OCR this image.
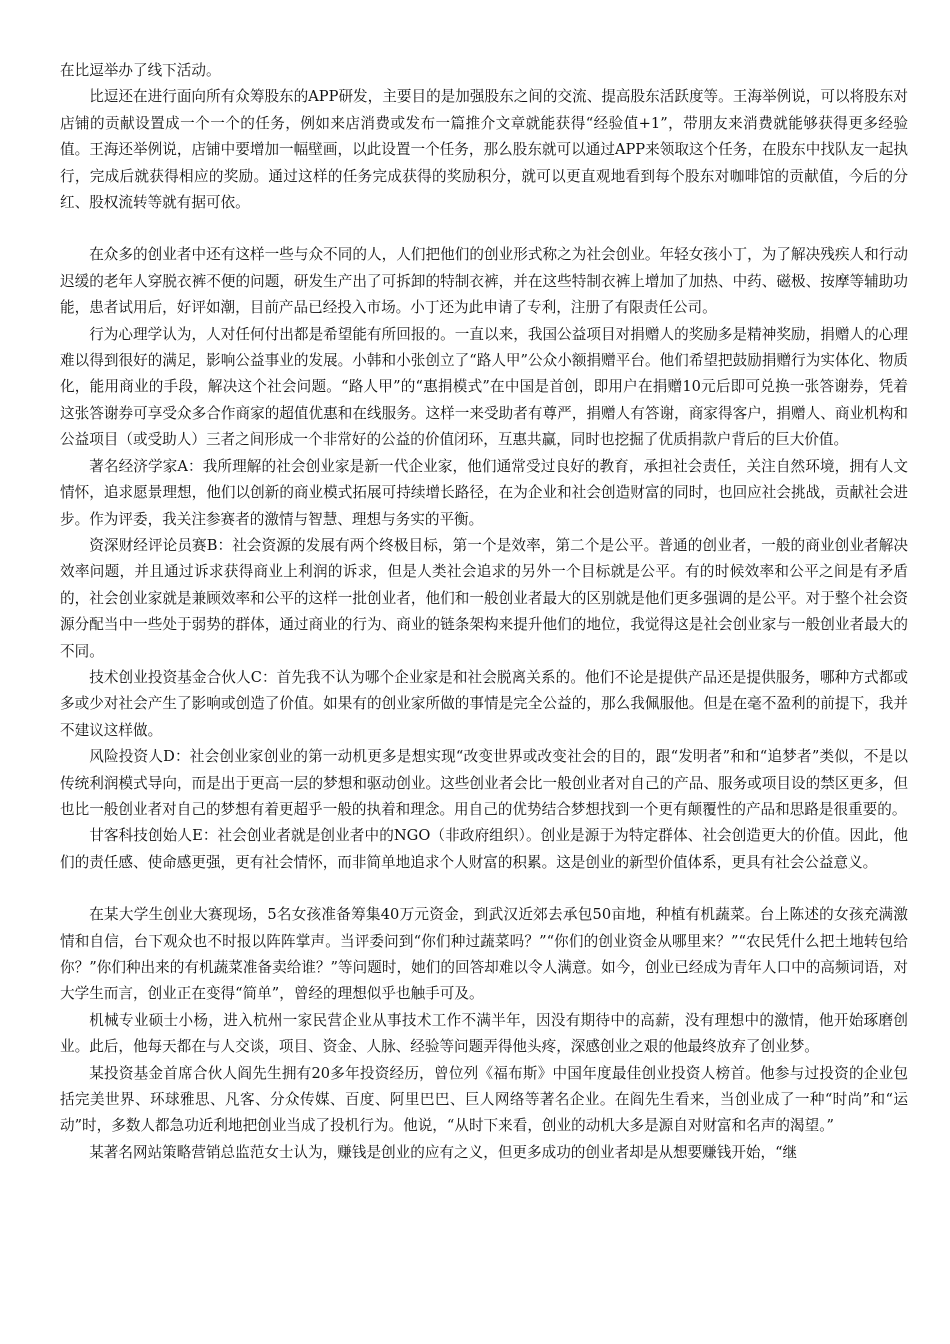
在比逗举办了线下活动。

比逗还在进行面向所有众筹股东的APP研发，主要目的是加强股东之间的交流、提高股东活跃度等。王海举例说，可以将股东对店铺的贡献设置成一个一个的任务，例如来店消费或发布一篇推介文章就能获得“经验值+1”，带朋友来消费就能够获得更多经验值。王海还举例说，店铺中要增加一幅壁画，以此设置一个任务，那么股东就可以通过APP来领取这个任务，在股东中找队友一起执行，完成后就获得相应的奖励。通过这样的任务完成获得的奖励积分，就可以更直观地看到每个股东对咖啡馆的贡献值，今后的分红、股权流转等就有据可依。

在众多的创业者中还有这样一些与众不同的人，人们把他们的创业形式称之为社会创业。年轻女孩小丁，为了解决残疾人和行动迟缓的老年人穿脱衣裤不便的问题，研发生产出了可拆卸的特制衣裤，并在这些特制衣裤上增加了加热、中药、磁极、按摩等辅助功能，患者试用后，好评如潮，目前产品已经投入市场。小丁还为此申请了专利，注册了有限责任公司。

行为心理学认为，人对任何付出都是希望能有所回报的。一直以来，我国公益项目对捐赠人的奖励多是精神奖励，捐赠人的心理难以得到很好的满足，影响公益事业的发展。小韩和小张创立了“路人甲”公众小额捐赠平台。他们希望把鼓励捐赠行为实体化、物质化，能用商业的手段，解决这个社会问题。“路人甲”的“惠捐模式”在中国是首创，即用户在捐赠10元后即可兑换一张答谢券，凭着这张答谢券可享受众多合作商家的超值优惠和在线服务。这样一来受助者有尊严，捐赠人有答谢，商家得客户，捐赠人、商业机构和公益项目（或受助人）三者之间形成一个非常好的公益的价值闭环，互惠共赢，同时也挖掘了优质捐款户背后的巨大价值。

著名经济学家A：我所理解的社会创业家是新一代企业家，他们通常受过良好的教育，承担社会责任，关注自然环境，拥有人文情怀，追求愿景理想，他们以创新的商业模式拓展可持续增长路径，在为企业和社会创造财富的同时，也回应社会挑战，贡献社会进步。作为评委，我关注参赛者的激情与智慧、理想与务实的平衡。

资深财经评论员赛B：社会资源的发展有两个终极目标，第一个是效率，第二个是公平。普通的创业者，一般的商业创业者解决效率问题，并且通过诉求获得商业上利润的诉求，但是人类社会追求的另外一个目标就是公平。有的时候效率和公平之间是有矛盾的，社会创业家就是兼顾效率和公平的这样一批创业者，他们和一般创业者最大的区别就是他们更多强调的是公平。对于整个社会资源分配当中一些处于弱势的群体，通过商业的行为、商业的链条架构来提升他们的地位，我觉得这是社会创业家与一般创业者最大的不同。

技术创业投资基金合伙人C：首先我不认为哪个企业家是和社会脱离关系的。他们不论是提供产品还是提供服务，哪种方式都或多或少对社会产生了影响或创造了价值。如果有的创业家所做的事情是完全公益的，那么我佩服他。但是在毫不盈利的前提下，我并不建议这样做。

风险投资人D：社会创业家创业的第一动机更多是想实现“改变世界或改变社会的目的，跟“发明者”和和“追梦者”类似，不是以传统利润模式导向，而是出于更高一层的梦想和驱动创业。这些创业者会比一般创业者对自己的产品、服务或项目设的禁区更多，但也比一般创业者对自己的梦想有着更超乎一般的执着和理念。用自己的优势结合梦想找到一个更有颠覆性的产品和思路是很重要的。

甘客科技创始人E：社会创业者就是创业者中的NGO（非政府组织）。创业是源于为特定群体、社会创造更大的价值。因此，他们的责任感、使命感更强，更有社会情怀，而非简单地追求个人财富的积累。这是创业的新型价值体系，更具有社会公益意义。

在某大学生创业大赛现场，5名女孩准备筹集40万元资金，到武汉近郊去承包50亩地，种植有机蔬菜。台上陈述的女孩充满激情和自信，台下观众也不时报以阵阵掌声。当评委问到“你们种过蔬菜吗？”“你们的创业资金从哪里来？”“农民凭什么把土地转包给你？”你们种出来的有机蔬菜准备卖给谁？”等问题时，她们的回答却难以令人满意。如今，创业已经成为青年人口中的高频词语，对大学生而言，创业正在变得“简单”，曾经的理想似乎也触手可及。

机械专业硕士小杨，进入杭州一家民营企业从事技术工作不满半年，因没有期待中的高薪，没有理想中的激情，他开始琢磨创业。此后，他每天都在与人交谈，项目、资金、人脉、经验等问题弄得他头疼，深感创业之艰的他最终放弃了创业梦。

某投资基金首席合伙人阎先生拥有20多年投资经历，曾位列《福布斯》中国年度最佳创业投资人榜首。他参与过投资的企业包括完美世界、环球雅思、凡客、分众传媒、百度、阿里巴巴、巨人网络等著名企业。在阎先生看来，当创业成了一种“时尚”和“运动”时，多数人都急功近利地把创业当成了投机行为。他说，“从时下来看，创业的动机大多是源自对财富和名声的渴望。”

某著名网站策略营销总监范女士认为，赚钱是创业的应有之义，但更多成功的创业者却是从想要赚钱开始，“继
